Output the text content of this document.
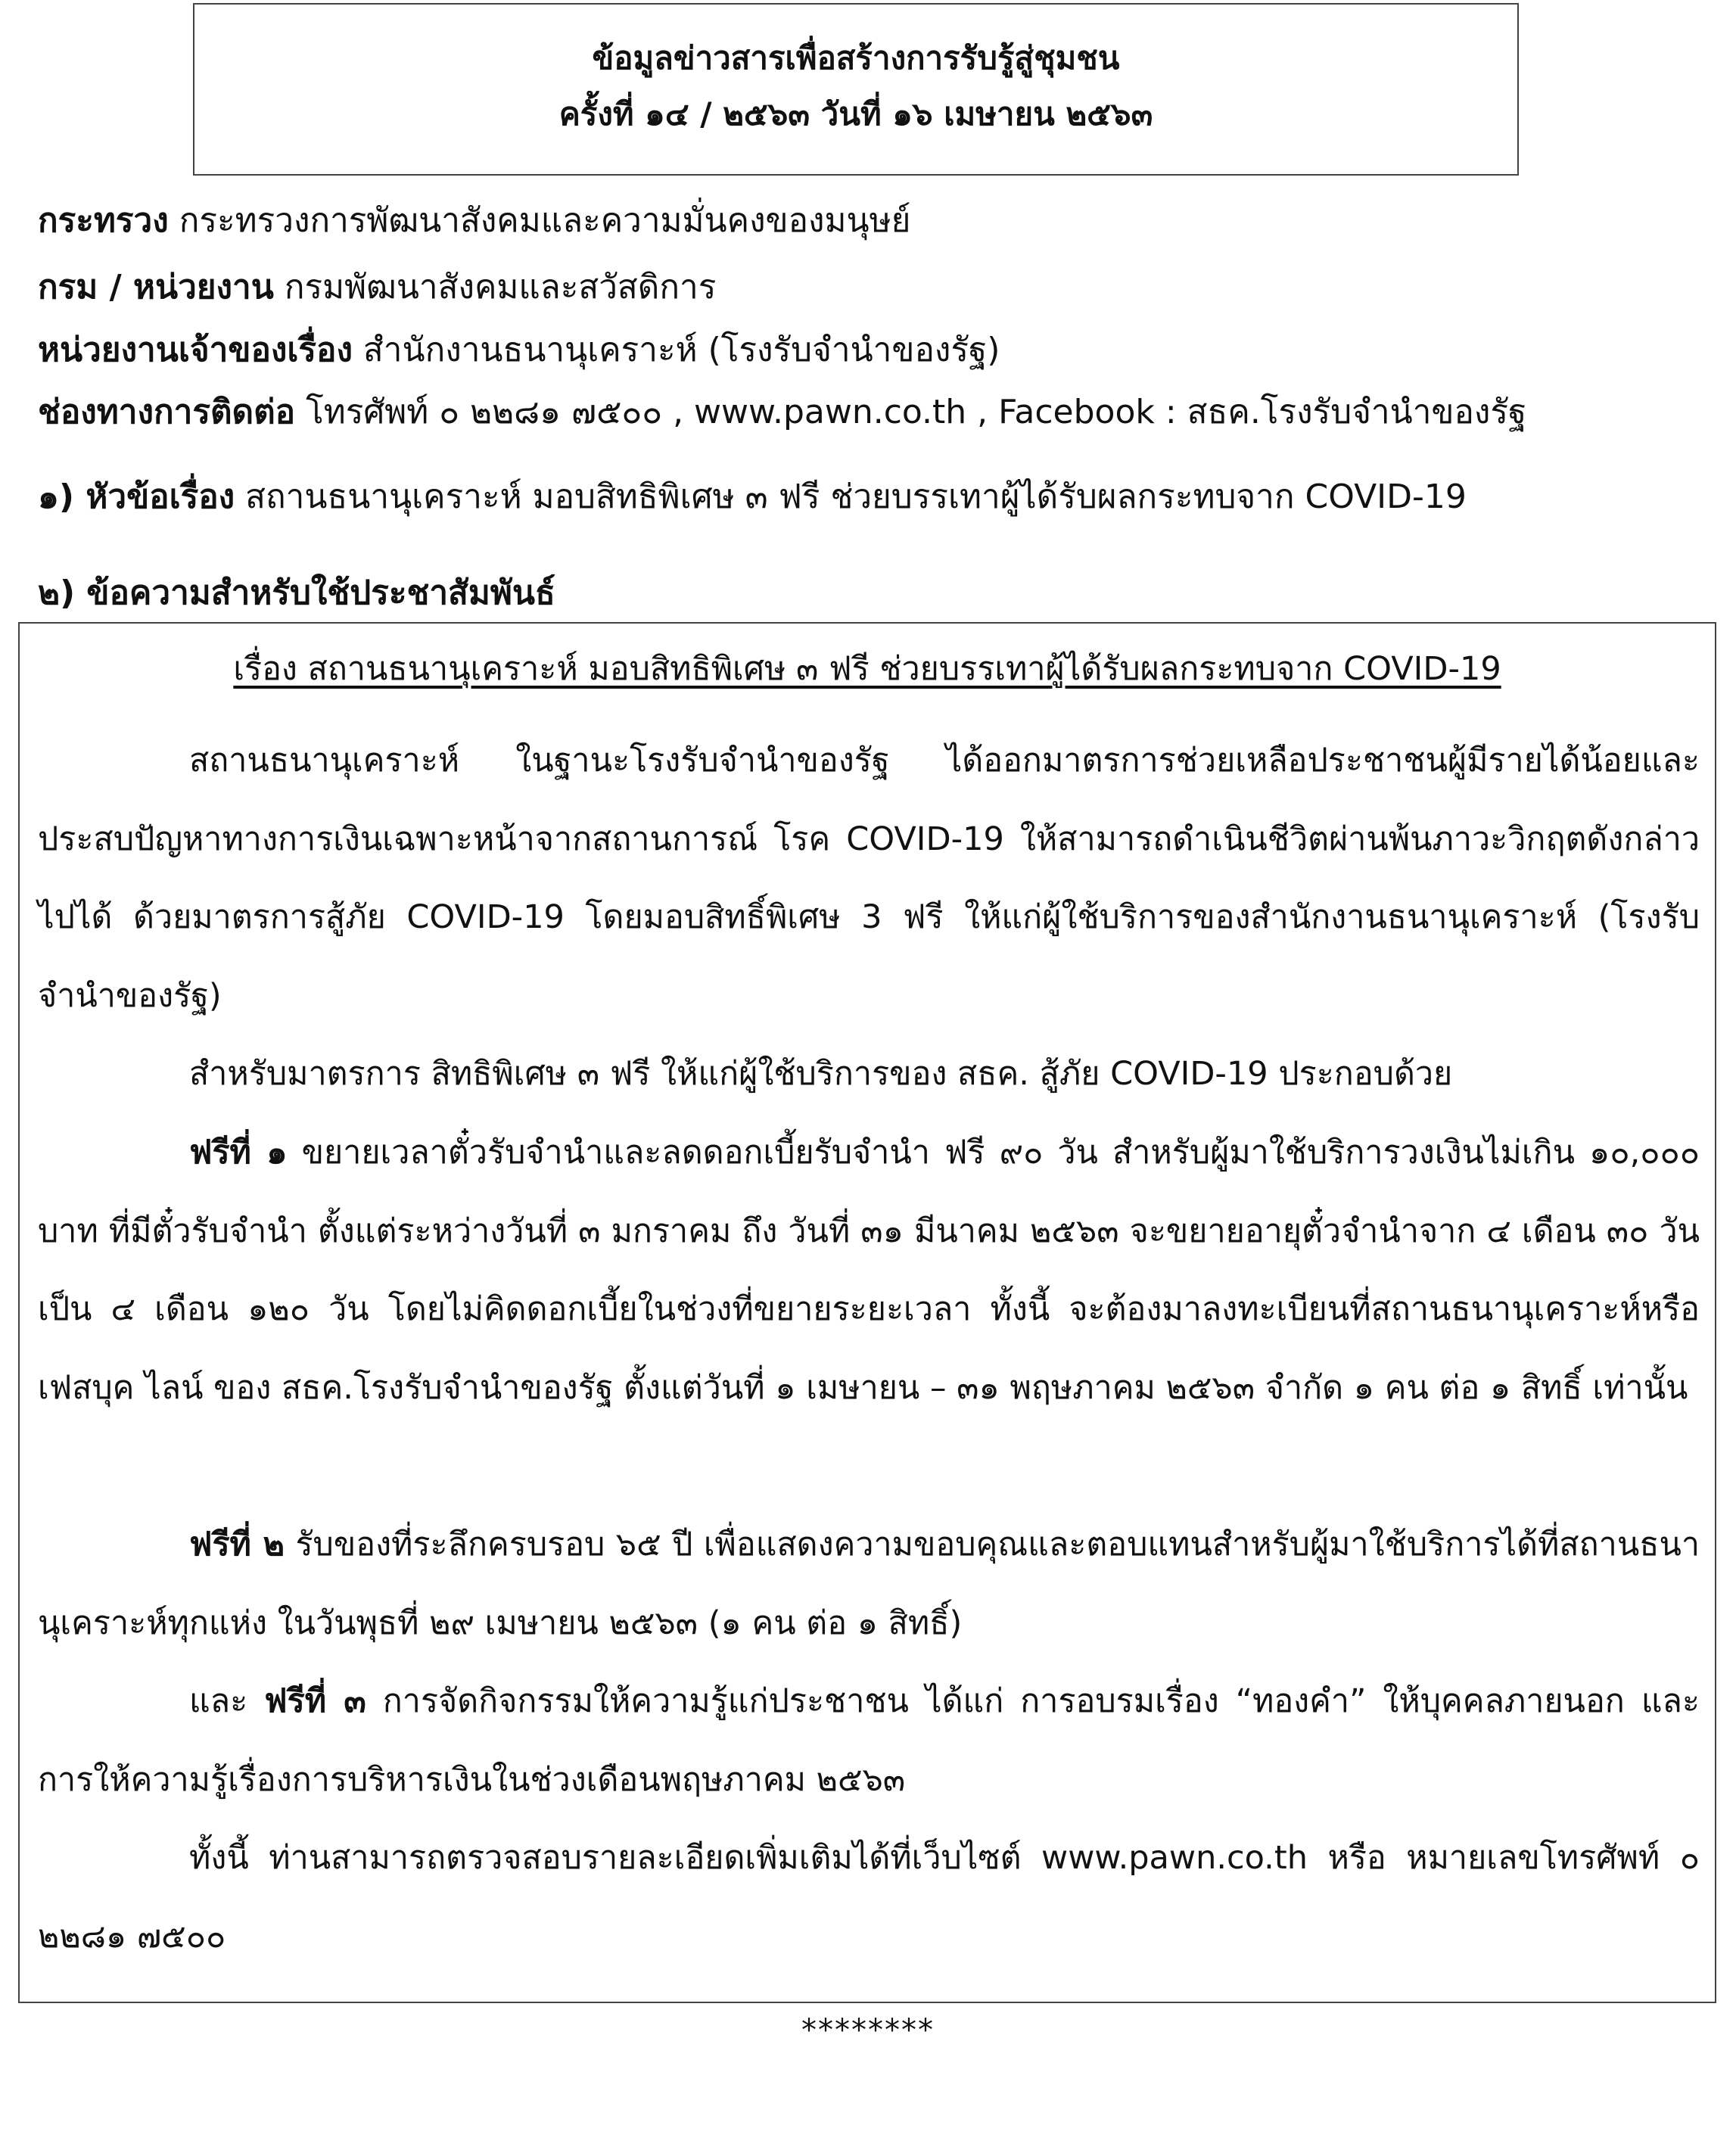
ข้อมูลข่าวสารเพื่อสร้างการรับรู้สู่ชุมชน
ครั้งที่ ๑๔ / ๒๕๖๓ วันที่ ๑๖ เมษายน ๒๕๖๓
กระทรวง กระทรวงการพัฒนาสังคมและความมั่นคงของมนุษย์
กรม / หน่วยงาน กรมพัฒนาสังคมและสวัสดิการ
หน่วยงานเจ้าของเรื่อง สำนักงานธนานุเคราะห์ (โรงรับจำนำของรัฐ)
ช่องทางการติดต่อ โทรศัพท์ ๐ ๒๒๘๑ ๗๕๐๐ , www.pawn.co.th , Facebook : สธค.โรงรับจำนำของรัฐ
๑) หัวข้อเรื่อง สถานธนานุเคราะห์ มอบสิทธิพิเศษ ๓ ฟรี ช่วยบรรเทาผู้ได้รับผลกระทบจาก COVID-19
๒) ข้อความสำหรับใช้ประชาสัมพันธ์
เรื่อง สถานธนานุเคราะห์ มอบสิทธิพิเศษ ๓ ฟรี ช่วยบรรเทาผู้ได้รับผลกระทบจาก COVID-19

สถานธนานุเคราะห์ ในฐานะโรงรับจำนำของรัฐ ได้ออกมาตรการช่วยเหลือประชาชนผู้มีรายได้น้อยและประสบปัญหาทางการเงินเฉพาะหน้าจากสถานการณ์ โรค COVID-19 ให้สามารถดำเนินชีวิตผ่านพ้นภาวะวิกฤตดังกล่าวไปได้ ด้วยมาตรการสู้ภัย COVID-19 โดยมอบสิทธิ์พิเศษ 3 ฟรี ให้แก่ผู้ใช้บริการของสำนักงานธนานุเคราะห์ (โรงรับจำนำของรัฐ)

สำหรับมาตรการ สิทธิพิเศษ ๓ ฟรี ให้แก่ผู้ใช้บริการของ สธค. สู้ภัย COVID-19 ประกอบด้วย

ฟรีที่ ๑ ขยายเวลาตั๋วรับจำนำและลดดอกเบี้ยรับจำนำ ฟรี ๙๐ วัน สำหรับผู้มาใช้บริการวงเงินไม่เกิน ๑๐,๐๐๐ บาท ที่มีตั๋วรับจำนำ ตั้งแต่ระหว่างวันที่ ๓ มกราคม ถึง วันที่ ๓๑ มีนาคม ๒๕๖๓ จะขยายอายุตั๋วจำนำจาก ๔ เดือน ๓๐ วัน เป็น ๔ เดือน ๑๒๐ วัน โดยไม่คิดดอกเบี้ยในช่วงที่ขยายระยะเวลา ทั้งนี้ จะต้องมาลงทะเบียนที่สถานธนานุเคราะห์หรือ เฟสบุค ไลน์ ของ สธค.โรงรับจำนำของรัฐ ตั้งแต่วันที่ ๑ เมษายน – ๓๑ พฤษภาคม ๒๕๖๓ จำกัด ๑ คน ต่อ ๑ สิทธิ์ เท่านั้น

ฟรีที่ ๒ รับของที่ระลึกครบรอบ ๖๕ ปี เพื่อแสดงความขอบคุณและตอบแทนสำหรับผู้มาใช้บริการได้ที่สถานธนานุเคราะห์ทุกแห่ง ในวันพุธที่ ๒๙ เมษายน ๒๕๖๓ (๑ คน ต่อ ๑ สิทธิ์)

และ ฟรีที่ ๓ การจัดกิจกรรมให้ความรู้แก่ประชาชน ได้แก่ การอบรมเรื่อง “ทองคำ” ให้บุคคลภายนอก และ การให้ความรู้เรื่องการบริหารเงินในช่วงเดือนพฤษภาคม ๒๕๖๓

ทั้งนี้ ท่านสามารถตรวจสอบรายละเอียดเพิ่มเติมได้ที่เว็บไซต์ www.pawn.co.th หรือ หมายเลขโทรศัพท์ ๐ ๒๒๘๑ ๗๕๐๐

********
